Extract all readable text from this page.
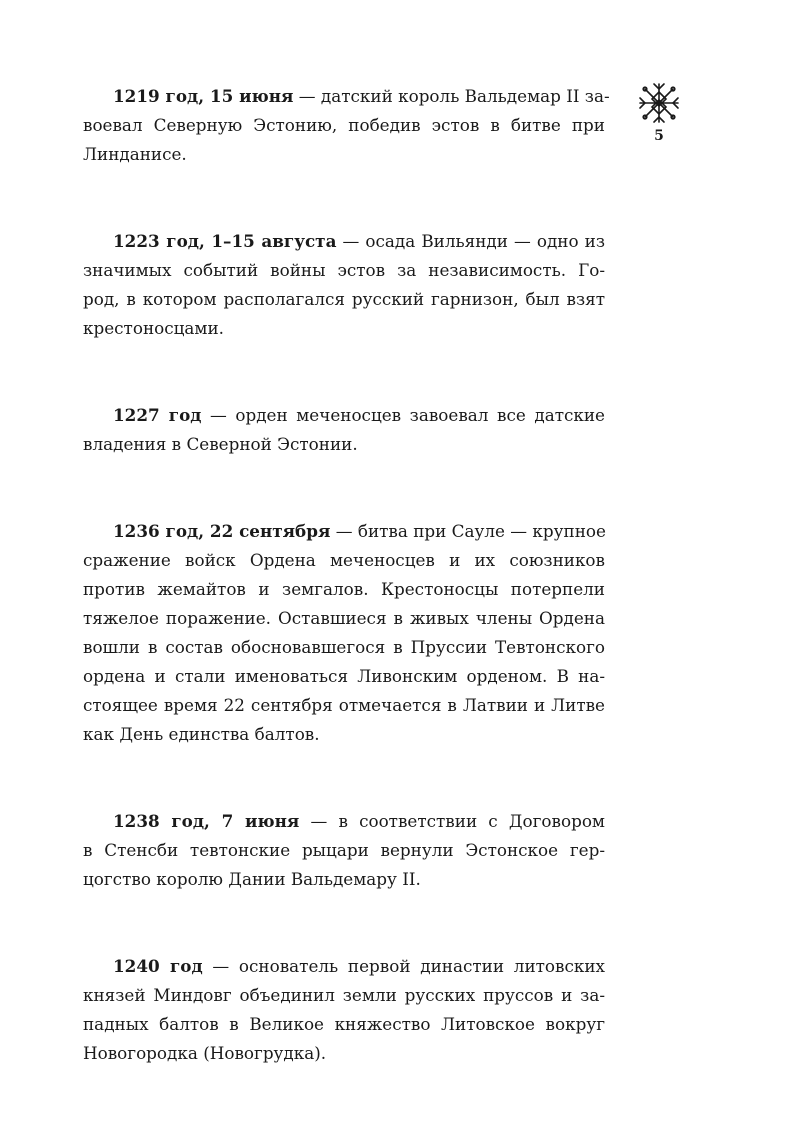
5
1219 год, 15 июня — датский король Вальдемар II за-
воевал Северную Эстонию, победив эстов в битве при
Линданисе.
1223 год, 1–15 августа — осада Вильянди — одно из
значимых событий войны эстов за независимость. Го-
род, в котором располагался русский гарнизон, был взят
крестоносцами.
1227 год — орден меченосцев завоевал все датские
владения в Северной Эстонии.
1236 год, 22 сентября — битва при Сауле — крупное
сражение войск Ордена меченосцев и их союзников
против жемайтов и земгалов. Крестоносцы потерпели
тяжелое поражение. Оставшиеся в живых члены Ордена
вошли в состав обосновавшегося в Пруссии Тевтонского
ордена и стали именоваться Ливонским орденом. В на-
стоящее время 22 сентября отмечается в Латвии и Литве
как День единства балтов.
1238 год, 7 июня — в соответствии с Договором
в Стенсби тевтонские рыцари вернули Эстонское гер-
цогство королю Дании Вальдемару II.
1240 год — основатель первой династии литовских
князей Миндовг объединил земли русских пруссов и за-
падных балтов в Великое княжество Литовское вокруг
Новогородка (Новогрудка).
